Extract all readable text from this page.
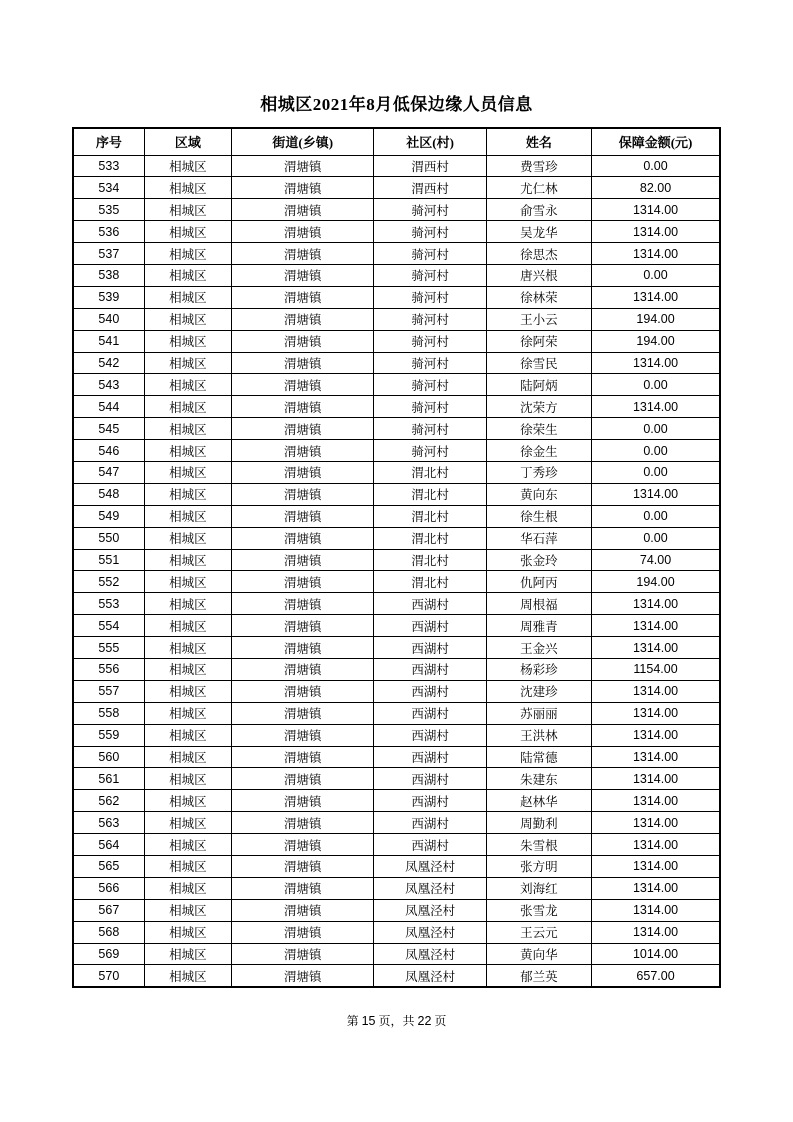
相城区2021年8月低保边缘人员信息
序号	区域	街道(乡镇)	社区(村)	姓名	保障金额(元)
533	相城区	渭塘镇	渭西村	费雪珍	0.00
534	相城区	渭塘镇	渭西村	尤仁林	82.00
535	相城区	渭塘镇	骑河村	俞雪永	1314.00
536	相城区	渭塘镇	骑河村	吴龙华	1314.00
537	相城区	渭塘镇	骑河村	徐思杰	1314.00
538	相城区	渭塘镇	骑河村	唐兴根	0.00
539	相城区	渭塘镇	骑河村	徐林荣	1314.00
540	相城区	渭塘镇	骑河村	王小云	194.00
541	相城区	渭塘镇	骑河村	徐阿荣	194.00
542	相城区	渭塘镇	骑河村	徐雪民	1314.00
543	相城区	渭塘镇	骑河村	陆阿炳	0.00
544	相城区	渭塘镇	骑河村	沈荣方	1314.00
545	相城区	渭塘镇	骑河村	徐荣生	0.00
546	相城区	渭塘镇	骑河村	徐金生	0.00
547	相城区	渭塘镇	渭北村	丁秀珍	0.00
548	相城区	渭塘镇	渭北村	黄向东	1314.00
549	相城区	渭塘镇	渭北村	徐生根	0.00
550	相城区	渭塘镇	渭北村	华石萍	0.00
551	相城区	渭塘镇	渭北村	张金玲	74.00
552	相城区	渭塘镇	渭北村	仇阿丙	194.00
553	相城区	渭塘镇	西湖村	周根福	1314.00
554	相城区	渭塘镇	西湖村	周雅青	1314.00
555	相城区	渭塘镇	西湖村	王金兴	1314.00
556	相城区	渭塘镇	西湖村	杨彩珍	1154.00
557	相城区	渭塘镇	西湖村	沈建珍	1314.00
558	相城区	渭塘镇	西湖村	苏丽丽	1314.00
559	相城区	渭塘镇	西湖村	王洪林	1314.00
560	相城区	渭塘镇	西湖村	陆常德	1314.00
561	相城区	渭塘镇	西湖村	朱建东	1314.00
562	相城区	渭塘镇	西湖村	赵林华	1314.00
563	相城区	渭塘镇	西湖村	周勤利	1314.00
564	相城区	渭塘镇	西湖村	朱雪根	1314.00
565	相城区	渭塘镇	凤凰泾村	张方明	1314.00
566	相城区	渭塘镇	凤凰泾村	刘海红	1314.00
567	相城区	渭塘镇	凤凰泾村	张雪龙	1314.00
568	相城区	渭塘镇	凤凰泾村	王云元	1314.00
569	相城区	渭塘镇	凤凰泾村	黄向华	1014.00
570	相城区	渭塘镇	凤凰泾村	郁兰英	657.00
第 15 页，共 22 页
